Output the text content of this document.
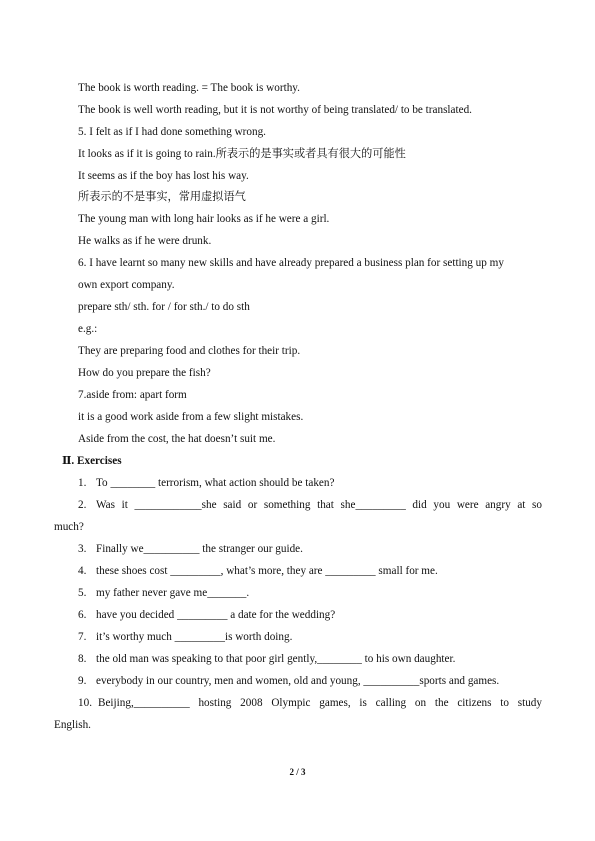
The book is worth reading. = The book is worthy.
The book is well worth reading, but it is not worthy of being translated/ to be translated.
5. I felt as if I had done something wrong.
It looks as if it is going to rain.所表示的是事实或者具有很大的可能性
It seems as if the boy has lost his way.
所表示的不是事实，常用虚拟语气
The young man with long hair looks as if he were a girl.
He walks as if he were drunk.
6. I have learnt so many new skills and have already prepared a business plan for setting up my
own export company.
prepare sth/ sth. for / for sth./ to do sth
e.g.:
They are preparing food and clothes for their trip.
How do you prepare the fish?
7.aside from: apart form
it is a good work aside from a few slight mistakes.
Aside from the cost, the hat doesn’t suit me.
Ⅱ. Exercises
1. To ________ terrorism, what action should be taken?
2. Was it ____________she said or something that she_________ did you were angry at so
much?
3. Finally we__________ the stranger our guide.
4. these shoes cost _________, what’s more, they are _________ small for me.
5. my father never gave me_______.
6. have you decided _________ a date for the wedding?
7. it’s worthy much _________is worth doing.
8. the old man was speaking to that poor girl gently,________ to his own daughter.
9. everybody in our country, men and women, old and young, __________sports and games.
10. Beijing,__________ hosting 2008 Olympic games, is calling on the citizens to study
English.
2 / 3
